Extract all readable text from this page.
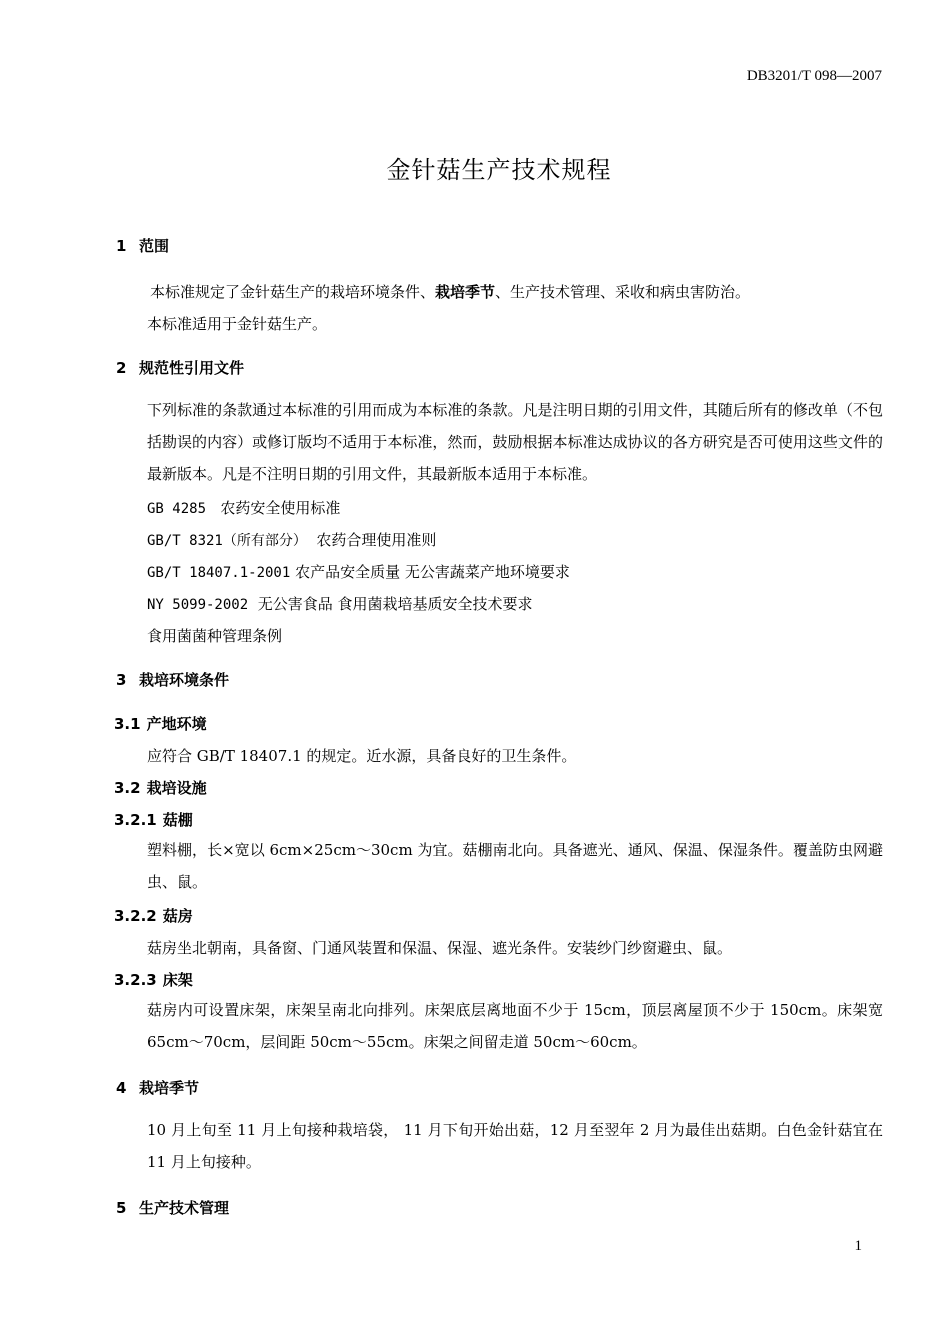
DB3201/T 098—2007
金针菇生产技术规程
1 范围
本标准规定了金针菇生产的栽培环境条件、栽培季节、生产技术管理、采收和病虫害防治。
本标准适用于金针菇生产。
2 规范性引用文件
下列标准的条款通过本标准的引用而成为本标准的条款。凡是注明日期的引用文件，其随后所有的修改单（不包括勘误的内容）或修订版均不适用于本标准，然而，鼓励根据本标准达成协议的各方研究是否可使用这些文件的最新版本。凡是不注明日期的引用文件，其最新版本适用于本标准。
GB 4285 农药安全使用标准
GB/T 8321（所有部分） 农药合理使用准则
GB/T 18407.1-2001 农产品安全质量 无公害蔬菜产地环境要求
NY 5099-2002 无公害食品 食用菌栽培基质安全技术要求
食用菌菌种管理条例
3 栽培环境条件
3.1 产地环境
应符合 GB/T 18407.1 的规定。近水源，具备良好的卫生条件。
3.2 栽培设施
3.2.1 菇棚
塑料棚，长×宽以 6cm×25cm～30cm 为宜。菇棚南北向。具备遮光、通风、保温、保湿条件。覆盖防虫网避虫、鼠。
3.2.2 菇房
菇房坐北朝南，具备窗、门通风装置和保温、保湿、遮光条件。安装纱门纱窗避虫、鼠。
3.2.3 床架
菇房内可设置床架，床架呈南北向排列。床架底层离地面不少于 15cm，顶层离屋顶不少于 150cm。床架宽 65cm～70cm，层间距 50cm～55cm。床架之间留走道 50cm～60cm。
4 栽培季节
10 月上旬至 11 月上旬接种栽培袋， 11 月下旬开始出菇，12 月至翌年 2 月为最佳出菇期。白色金针菇宜在 11 月上旬接种。
5 生产技术管理
1
